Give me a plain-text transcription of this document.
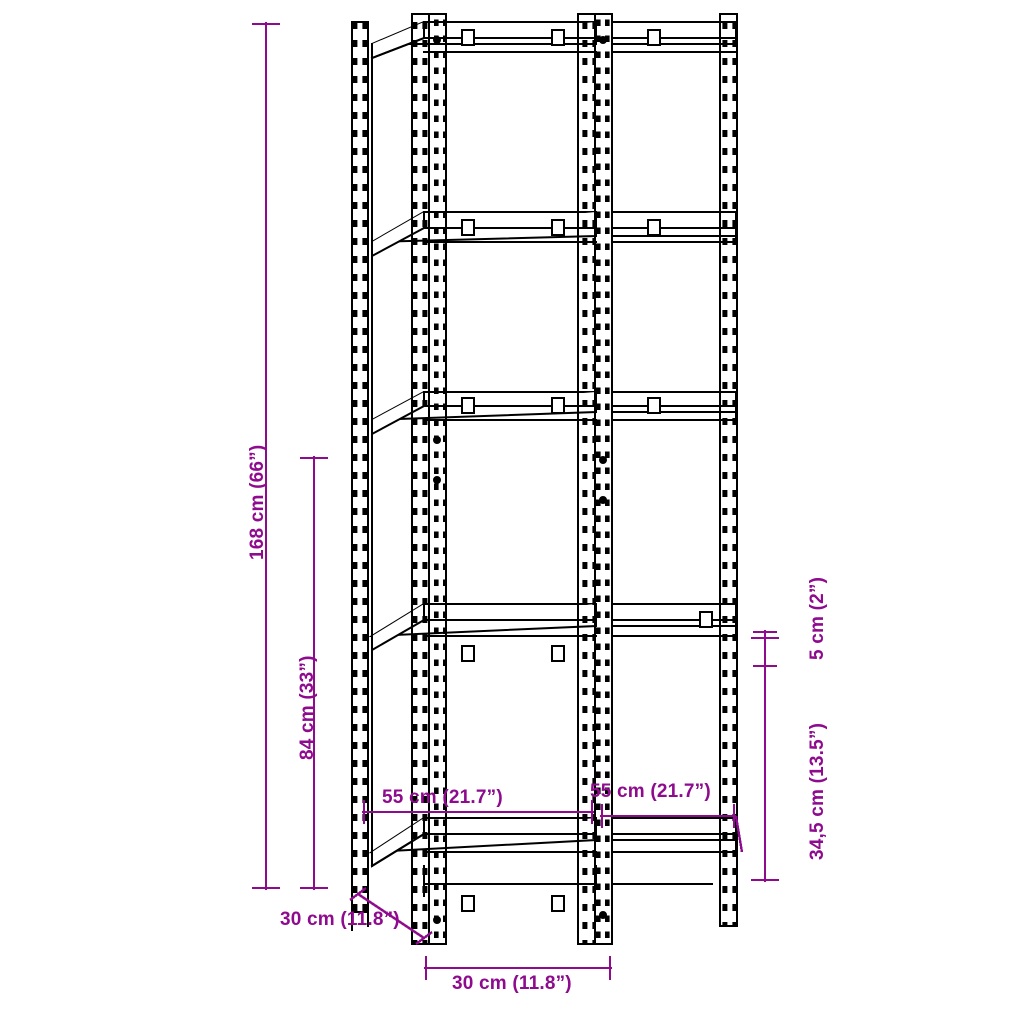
168 cm (66”)
84 cm (33”)
34,5 cm (13.5”)
5 cm (2”)
55 cm (21.7”)	55 cm (21.7”)
30 cm (11.8”)
30 cm (11.8”)
